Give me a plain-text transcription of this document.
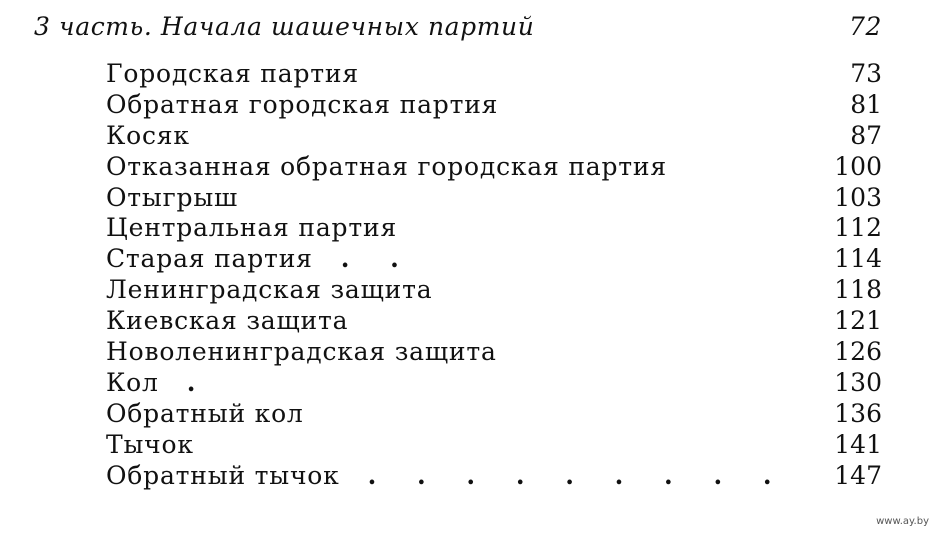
3 часть. Начала шашечных партий	72
Городская партия	73
Обратная городская партия	81
Косяк	87
Отказанная обратная городская партия	100
Отыгрыш	103
Центральная партия	112
Старая партия	. .	114
Ленинградская защита	118
Киевская защита	121
Новоленинградская защита	126
Кол	.	130
Обратный кол	136
Тычок	141
Обратный тычок	. . . . . . . . .	147
www.ay.by
